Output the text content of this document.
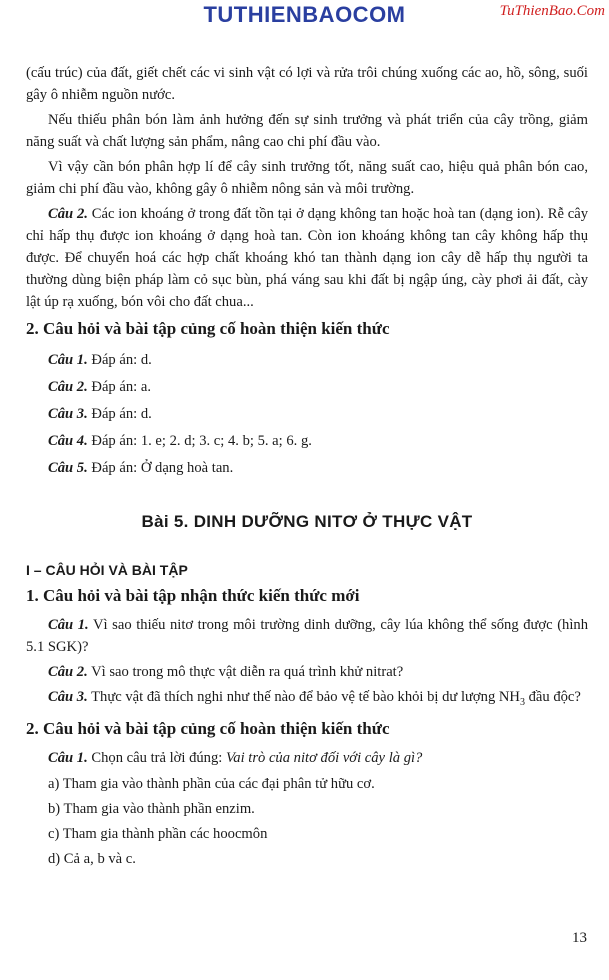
TUTHIENBAOCOM	TuThienBao.Com

(cấu trúc) của đất, giết chết các vi sinh vật có lợi và rửa trôi chúng xuống các ao, hồ, sông, suối gây ô nhiễm nguồn nước.

Nếu thiếu phân bón làm ảnh hưởng đến sự sinh trưởng và phát triển của cây trồng, giảm năng suất và chất lượng sản phẩm, nâng cao chi phí đầu vào.

Vì vậy cần bón phân hợp lí để cây sinh trưởng tốt, năng suất cao, hiệu quả phân bón cao, giảm chi phí đầu vào, không gây ô nhiễm nông sản và môi trường.

Câu 2. Các ion khoáng ở trong đất tồn tại ở dạng không tan hoặc hoà tan (dạng ion). Rễ cây chỉ hấp thụ được ion khoáng ở dạng hoà tan. Còn ion khoáng không tan cây không hấp thụ được. Để chuyển hoá các hợp chất khoáng khó tan thành dạng ion cây dễ hấp thụ người ta thường dùng biện pháp làm cỏ sục bùn, phá váng sau khi đất bị ngập úng, cày phơi ải đất, cày lật úp rạ xuống, bón vôi cho đất chua...

2. Câu hỏi và bài tập củng cố hoàn thiện kiến thức
Câu 1. Đáp án: d.
Câu 2. Đáp án: a.
Câu 3. Đáp án: d.
Câu 4. Đáp án: 1. e; 2. d; 3. c; 4. b; 5. a; 6. g.
Câu 5. Đáp án: Ở dạng hoà tan.
Bài 5. DINH DƯỠNG NITƠ Ở THỰC VẬT
I – CÂU HỎI VÀ BÀI TẬP
1. Câu hỏi và bài tập nhận thức kiến thức mới

Câu 1. Vì sao thiếu nitơ trong môi trường dinh dưỡng, cây lúa không thể sống được (hình 5.1 SGK)?

Câu 2. Vì sao trong mô thực vật diễn ra quá trình khử nitrat?

Câu 3. Thực vật đã thích nghi như thế nào để bảo vệ tế bào khỏi bị dư lượng $NH_3$ đầu độc?

2. Câu hỏi và bài tập củng cố hoàn thiện kiến thức

Câu 1. Chọn câu trả lời đúng: Vai trò của nitơ đối với cây là gì?

a) Tham gia vào thành phần của các đại phân tử hữu cơ.
b) Tham gia vào thành phần enzim.
c) Tham gia thành phần các hoocmôn
d) Cả a, b và c.
13
